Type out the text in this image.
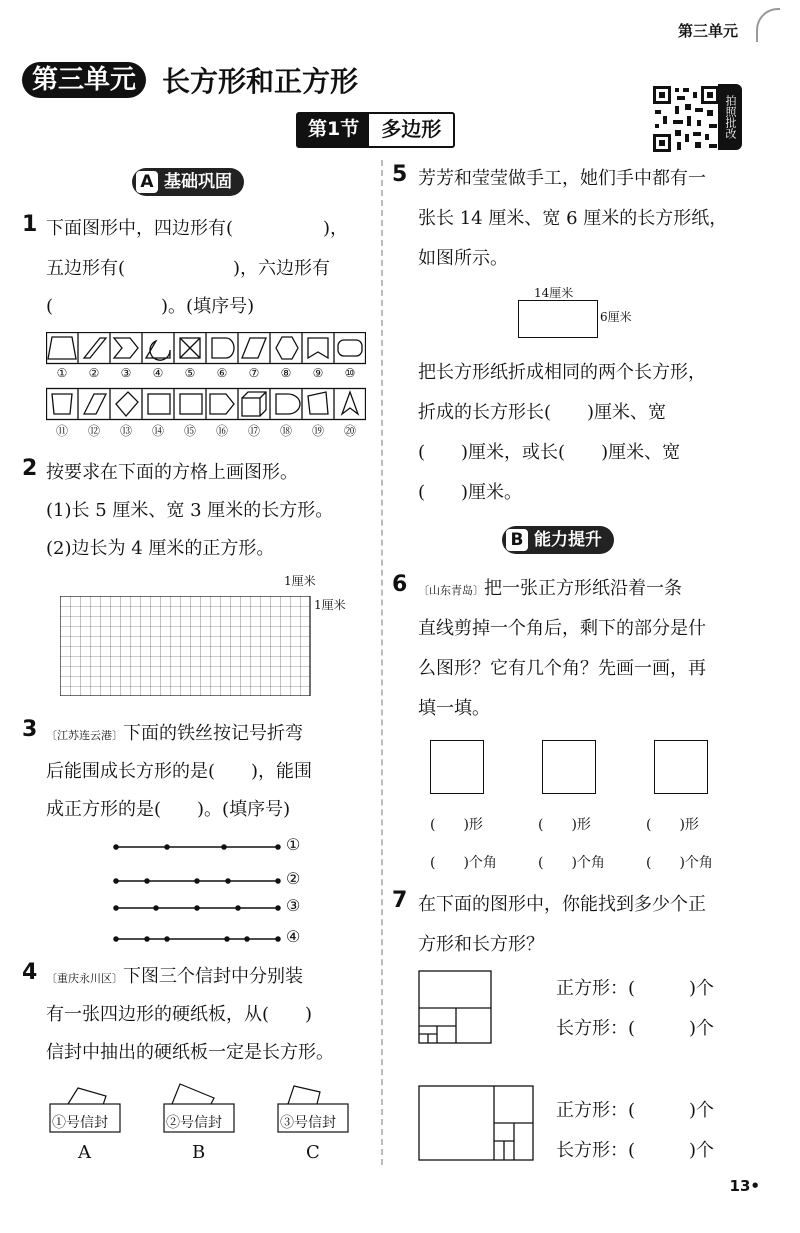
第三单元
第三单元 长方形和正方形
第1节	多边形	拍照批改
A 基础巩固
1 下面图形中，四边形有(　　　　　)，
五边形有(　　　　　　)，六边形有
(　　　　　　)。(填序号)
①	②	③	④	⑤	⑥	⑦	⑧	⑨	⑩
⑪	⑫	⑬	⑭	⑮	⑯	⑰	⑱	⑲	⑳
2 按要求在下面的方格上画图形。
(1)长 5 厘米、宽 3 厘米的长方形。
(2)边长为 4 厘米的正方形。
1厘米
1厘米
3 〔江苏连云港〕下面的铁丝按记号折弯
后能围成长方形的是(　　)，能围
成正方形的是(　　)。(填序号)
①
②
③
④
4 〔重庆永川区〕下图三个信封中分别装
有一张四边形的硬纸板，从(　　)
信封中抽出的硬纸板一定是长方形。
①号信封	②号信封	③号信封
A	B	C
5 芳芳和莹莹做手工，她们手中都有一
张长 14 厘米、宽 6 厘米的长方形纸，
如图所示。
14厘米
6厘米
把长方形纸折成相同的两个长方形，
折成的长方形长(　　)厘米、宽
(　　)厘米，或长(　　)厘米、宽
(　　)厘米。
B 能力提升
6 〔山东青岛〕把一张正方形纸沿着一条
直线剪掉一个角后，剩下的部分是什
么图形？它有几个角？先画一画，再
填一填。
(　　)形	(　　)形	(　　)形
(　　)个角	(　　)个角	(　　)个角
7 在下面的图形中，你能找到多少个正
方形和长方形？
正方形：(　　　)个
长方形：(　　　)个
正方形：(　　　)个
长方形：(　　　)个
13•
